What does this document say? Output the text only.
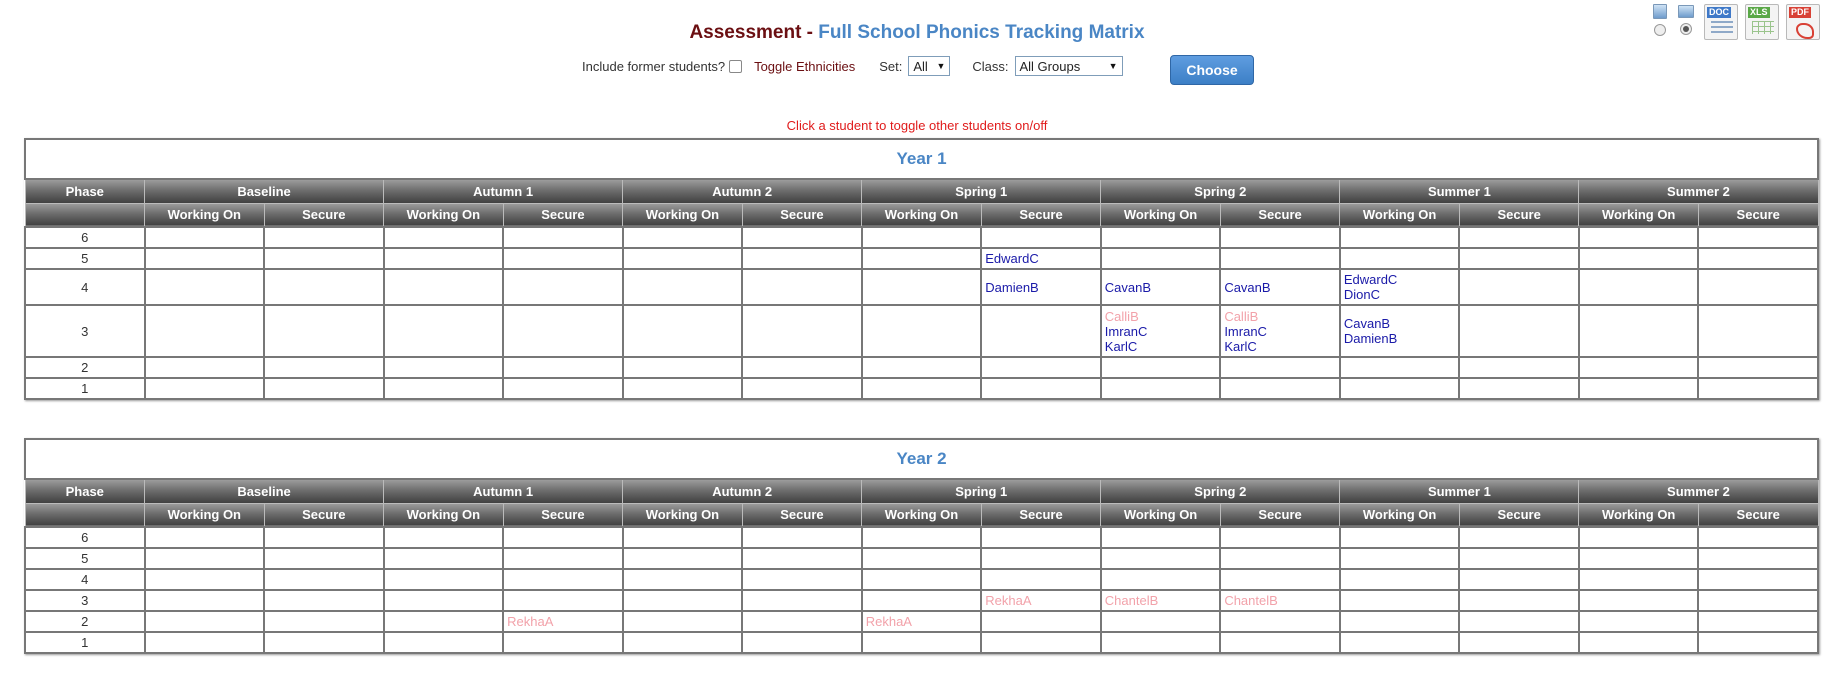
Assessment - Full School Phonics Tracking Matrix
DOC XLS	PDF
Include former students? Toggle Ethnicities Set: All ▼ Class: All Groups	▼	Choose
Click a student to toggle other students on/off
Year 1														
Phase	Baseline		Autumn 1		Autumn 2		Spring 1		Spring 2		Summer 1		Summer 2	
	Working On	Secure	Working On	Secure	Working On	Secure	Working On	Secure	Working On	Secure	Working On	Secure	Working On	Secure
6														
5								EdwardC						

4								DamienB	CavanB	CavanB	EdwardC
DionC			

3									CalliB
ImranC
KarlC	CalliB
ImranC
KarlC	CavanB
DamienB			

2														
1														
Year 2														
Phase	Baseline		Autumn 1		Autumn 2		Spring 1		Spring 2		Summer 1		Summer 2	
	Working On	Secure	Working On	Secure	Working On	Secure	Working On	Secure	Working On	Secure	Working On	Secure	Working On	Secure
6														
5														
4														
3								RekhaA	ChantelB	ChantelB				

2				RekhaA			RekhaA							

1														
